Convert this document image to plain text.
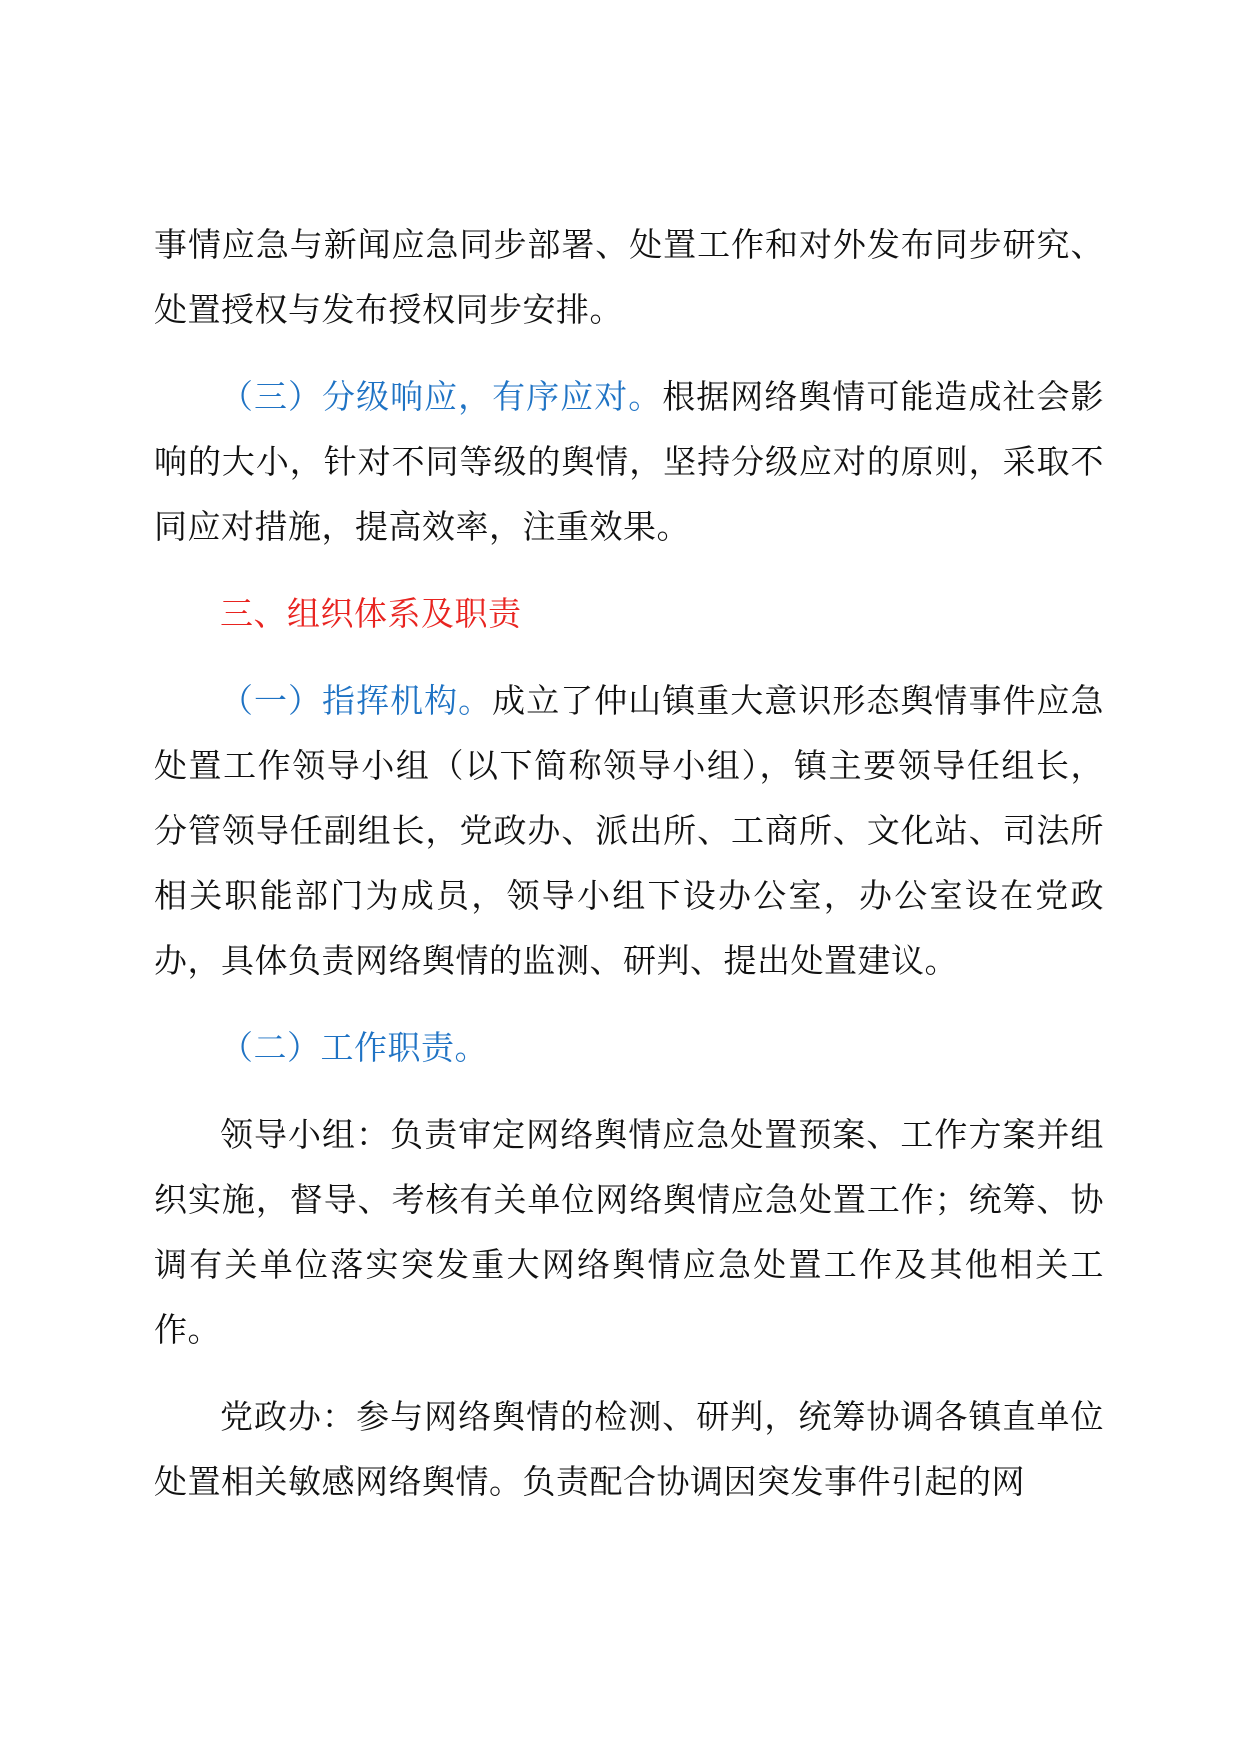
事情应急与新闻应急同步部署、处置工作和对外发布同步研究、处置授权与发布授权同步安排。

（三）分级响应，有序应对。根据网络舆情可能造成社会影响的大小，针对不同等级的舆情，坚持分级应对的原则，采取不同应对措施，提高效率，注重效果。

三、组织体系及职责

（一）指挥机构。成立了仲山镇重大意识形态舆情事件应急处置工作领导小组（以下简称领导小组），镇主要领导任组长，分管领导任副组长，党政办、派出所、工商所、文化站、司法所相关职能部门为成员，领导小组下设办公室，办公室设在党政办，具体负责网络舆情的监测、研判、提出处置建议。

（二）工作职责。

领导小组：负责审定网络舆情应急处置预案、工作方案并组织实施，督导、考核有关单位网络舆情应急处置工作；统筹、协调有关单位落实突发重大网络舆情应急处置工作及其他相关工作。

党政办：参与网络舆情的检测、研判，统筹协调各镇直单位处置相关敏感网络舆情。负责配合协调因突发事件引起的网
